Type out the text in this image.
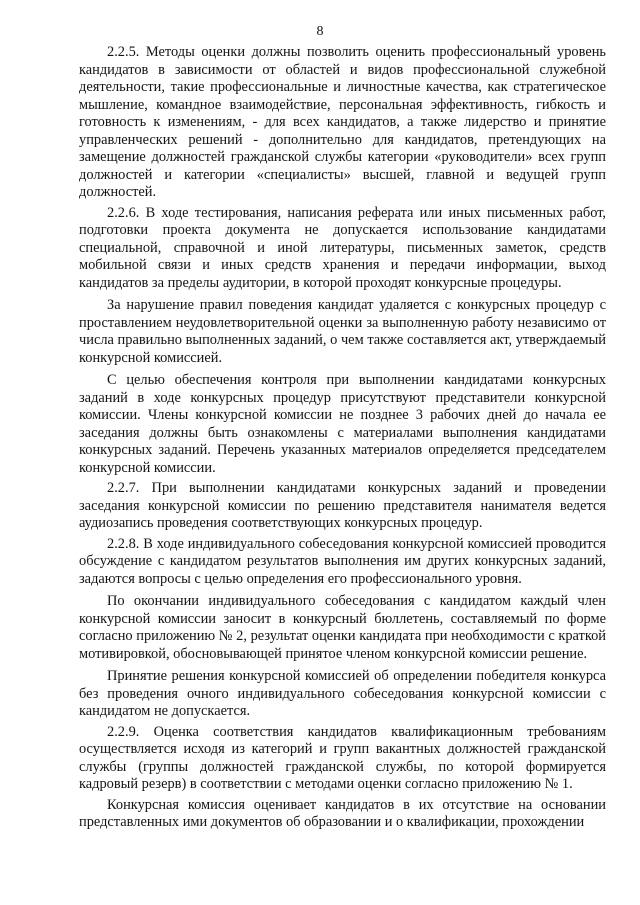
8

2.2.5. Методы оценки должны позволить оценить профессиональный уровень кандидатов в зависимости от областей и видов профессиональной служебной деятельности, такие профессиональные и личностные качества, как стратегическое мышление, командное взаимодействие, персональная эффективность, гибкость и готовность к изменениям, - для всех кандидатов, а также лидерство и принятие управленческих решений - дополнительно для кандидатов, претендующих на замещение должностей гражданской службы категории «руководители» всех групп должностей и категории «специалисты» высшей, главной и ведущей групп должностей.

2.2.6. В ходе тестирования, написания реферата или иных письменных работ, подготовки проекта документа не допускается использование кандидатами специальной, справочной и иной литературы, письменных заметок, средств мобильной связи и иных средств хранения и передачи информации, выход кандидатов за пределы аудитории, в которой проходят конкурсные процедуры.

За нарушение правил поведения кандидат удаляется с конкурсных процедур с проставлением неудовлетворительной оценки за выполненную работу независимо от числа правильно выполненных заданий, о чем также составляется акт, утверждаемый конкурсной комиссией.

С целью обеспечения контроля при выполнении кандидатами конкурсных заданий в ходе конкурсных процедур присутствуют представители конкурсной комиссии. Члены конкурсной комиссии не позднее 3 рабочих дней до начала ее заседания должны быть ознакомлены с материалами выполнения кандидатами конкурсных заданий. Перечень указанных материалов определяется председателем конкурсной комиссии.

2.2.7. При выполнении кандидатами конкурсных заданий и проведении заседания конкурсной комиссии по решению представителя нанимателя ведется аудиозапись проведения соответствующих конкурсных процедур.

2.2.8. В ходе индивидуального собеседования конкурсной комиссией проводится обсуждение с кандидатом результатов выполнения им других конкурсных заданий, задаются вопросы с целью определения его профессионального уровня.

По окончании индивидуального собеседования с кандидатом каждый член конкурсной комиссии заносит в конкурсный бюллетень, составляемый по форме согласно приложению № 2, результат оценки кандидата при необходимости с краткой мотивировкой, обосновывающей принятое членом конкурсной комиссии решение.

Принятие решения конкурсной комиссией об определении победителя конкурса без проведения очного индивидуального собеседования конкурсной комиссии с кандидатом не допускается.

2.2.9. Оценка соответствия кандидатов квалификационным требованиям осуществляется исходя из категорий и групп вакантных должностей гражданской службы (группы должностей гражданской службы, по которой формируется кадровый резерв) в соответствии с методами оценки согласно приложению № 1.

Конкурсная комиссия оценивает кандидатов в их отсутствие на основании представленных ими документов об образовании и о квалификации, прохождении
